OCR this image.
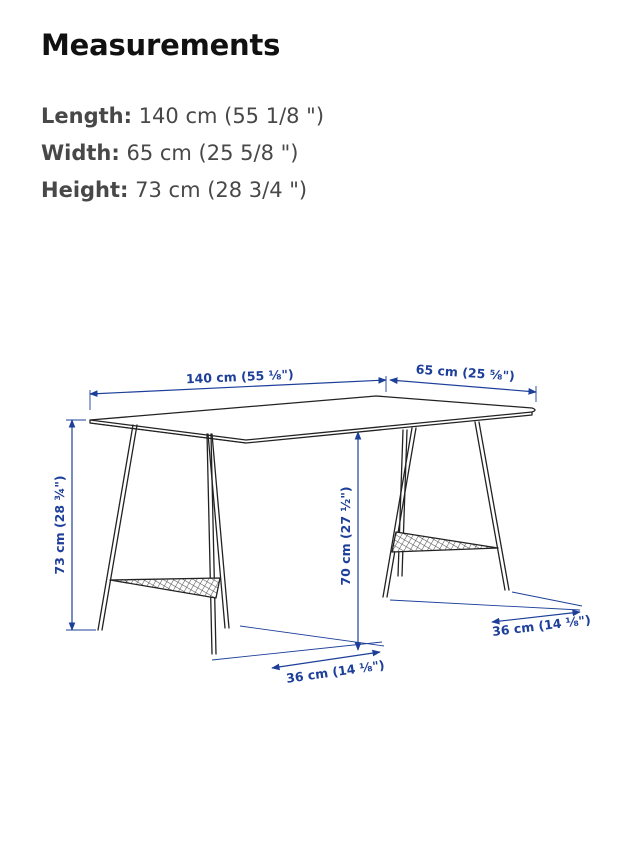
Measurements
Length: 140 cm (55 1/8 ")
Width: 65 cm (25 5/8 ")
Height: 73 cm (28 3/4 ")
140 cm (55 ⅛")	65 cm (25 ⅝")
73 cm (28 ¾")	70 cm (27 ½")
36 cm (14 ⅛")
36 cm (14 ⅛")
